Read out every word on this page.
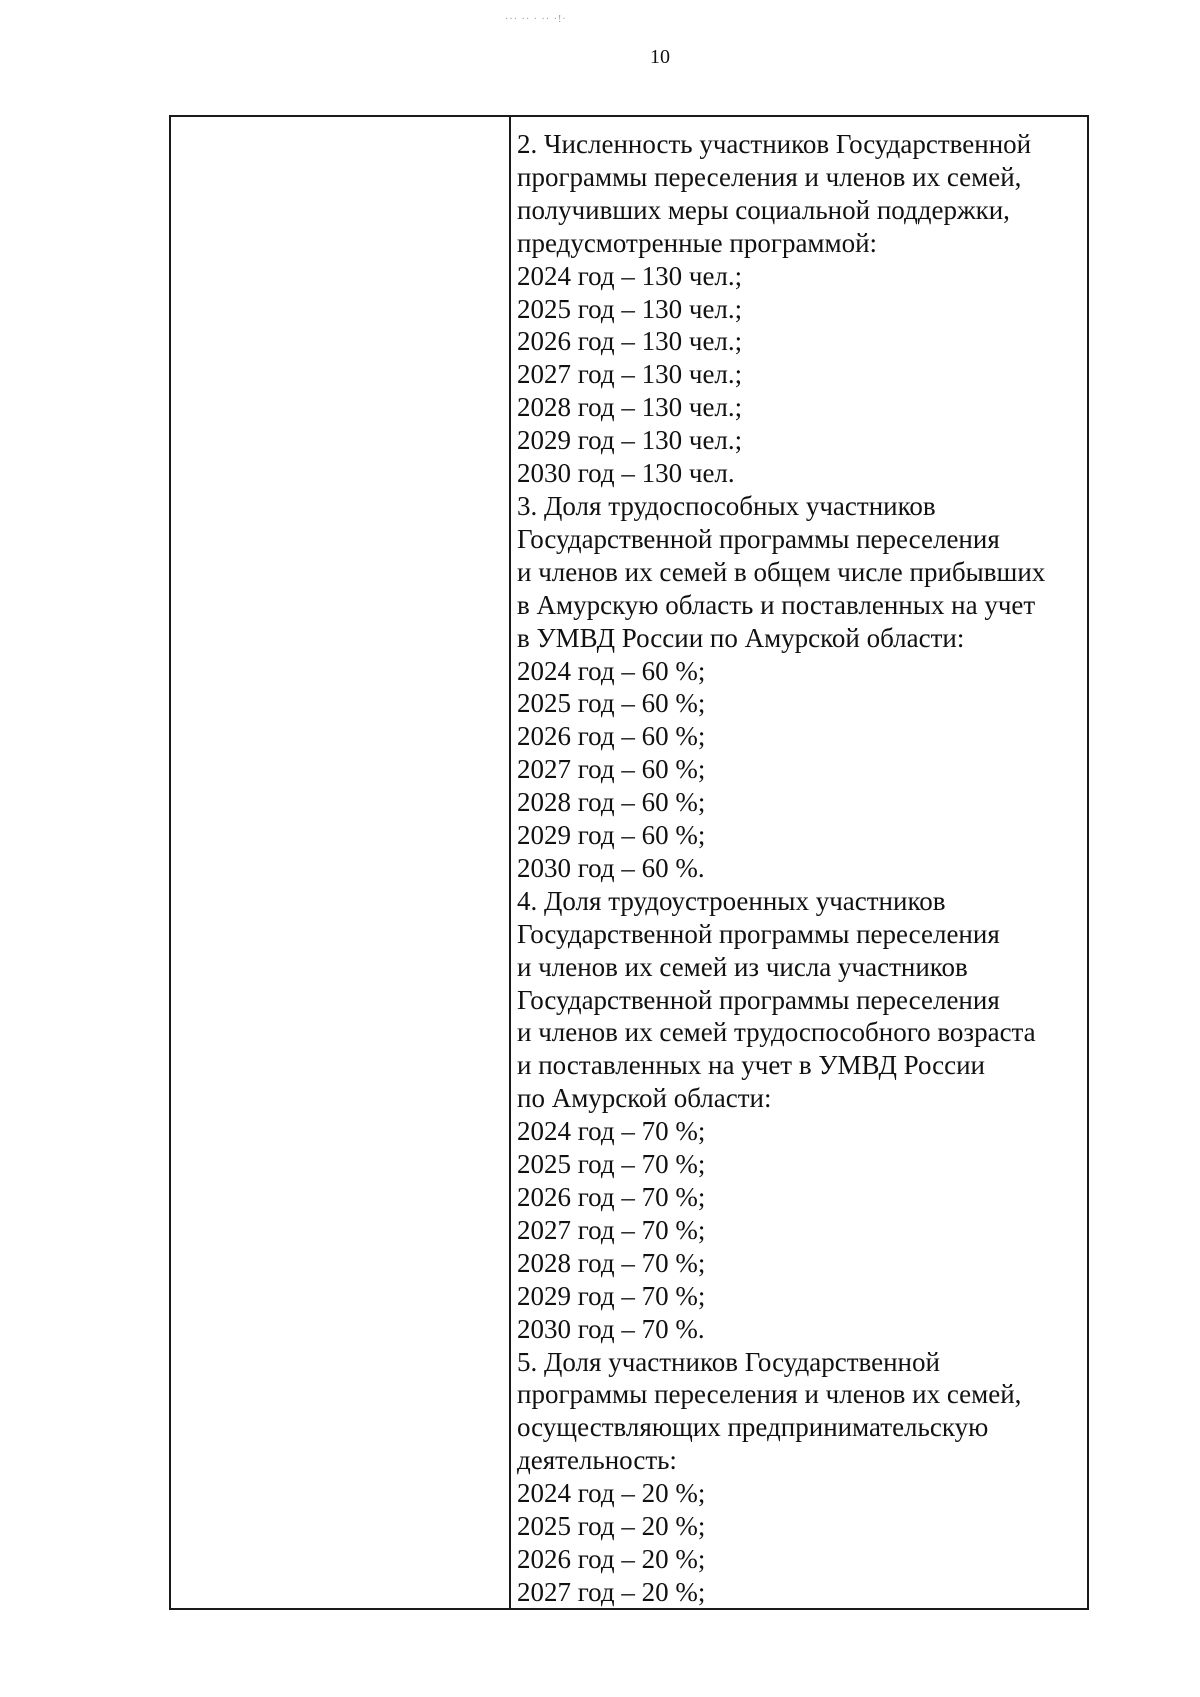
··· ·· · ·· ·!·
10
2. Численность участников Государственной
программы переселения и членов их семей,
получивших меры социальной поддержки,
предусмотренные программой:
2024 год – 130 чел.;
2025 год – 130 чел.;
2026 год – 130 чел.;
2027 год – 130 чел.;
2028 год – 130 чел.;
2029 год – 130 чел.;
2030 год – 130 чел.
3. Доля трудоспособных участников
Государственной программы переселения
и членов их семей в общем числе прибывших
в Амурскую область и поставленных на учет
в УМВД России по Амурской области:
2024 год – 60 %;
2025 год – 60 %;
2026 год – 60 %;
2027 год – 60 %;
2028 год – 60 %;
2029 год – 60 %;
2030 год – 60 %.
4. Доля трудоустроенных участников
Государственной программы переселения
и членов их семей из числа участников
Государственной программы переселения
и членов их семей трудоспособного возраста
и поставленных на учет в УМВД России
по Амурской области:
2024 год – 70 %;
2025 год – 70 %;
2026 год – 70 %;
2027 год – 70 %;
2028 год – 70 %;
2029 год – 70 %;
2030 год – 70 %.
5. Доля участников Государственной
программы переселения и членов их семей,
осуществляющих предпринимательскую
деятельность:
2024 год – 20 %;
2025 год – 20 %;
2026 год – 20 %;
2027 год – 20 %;
